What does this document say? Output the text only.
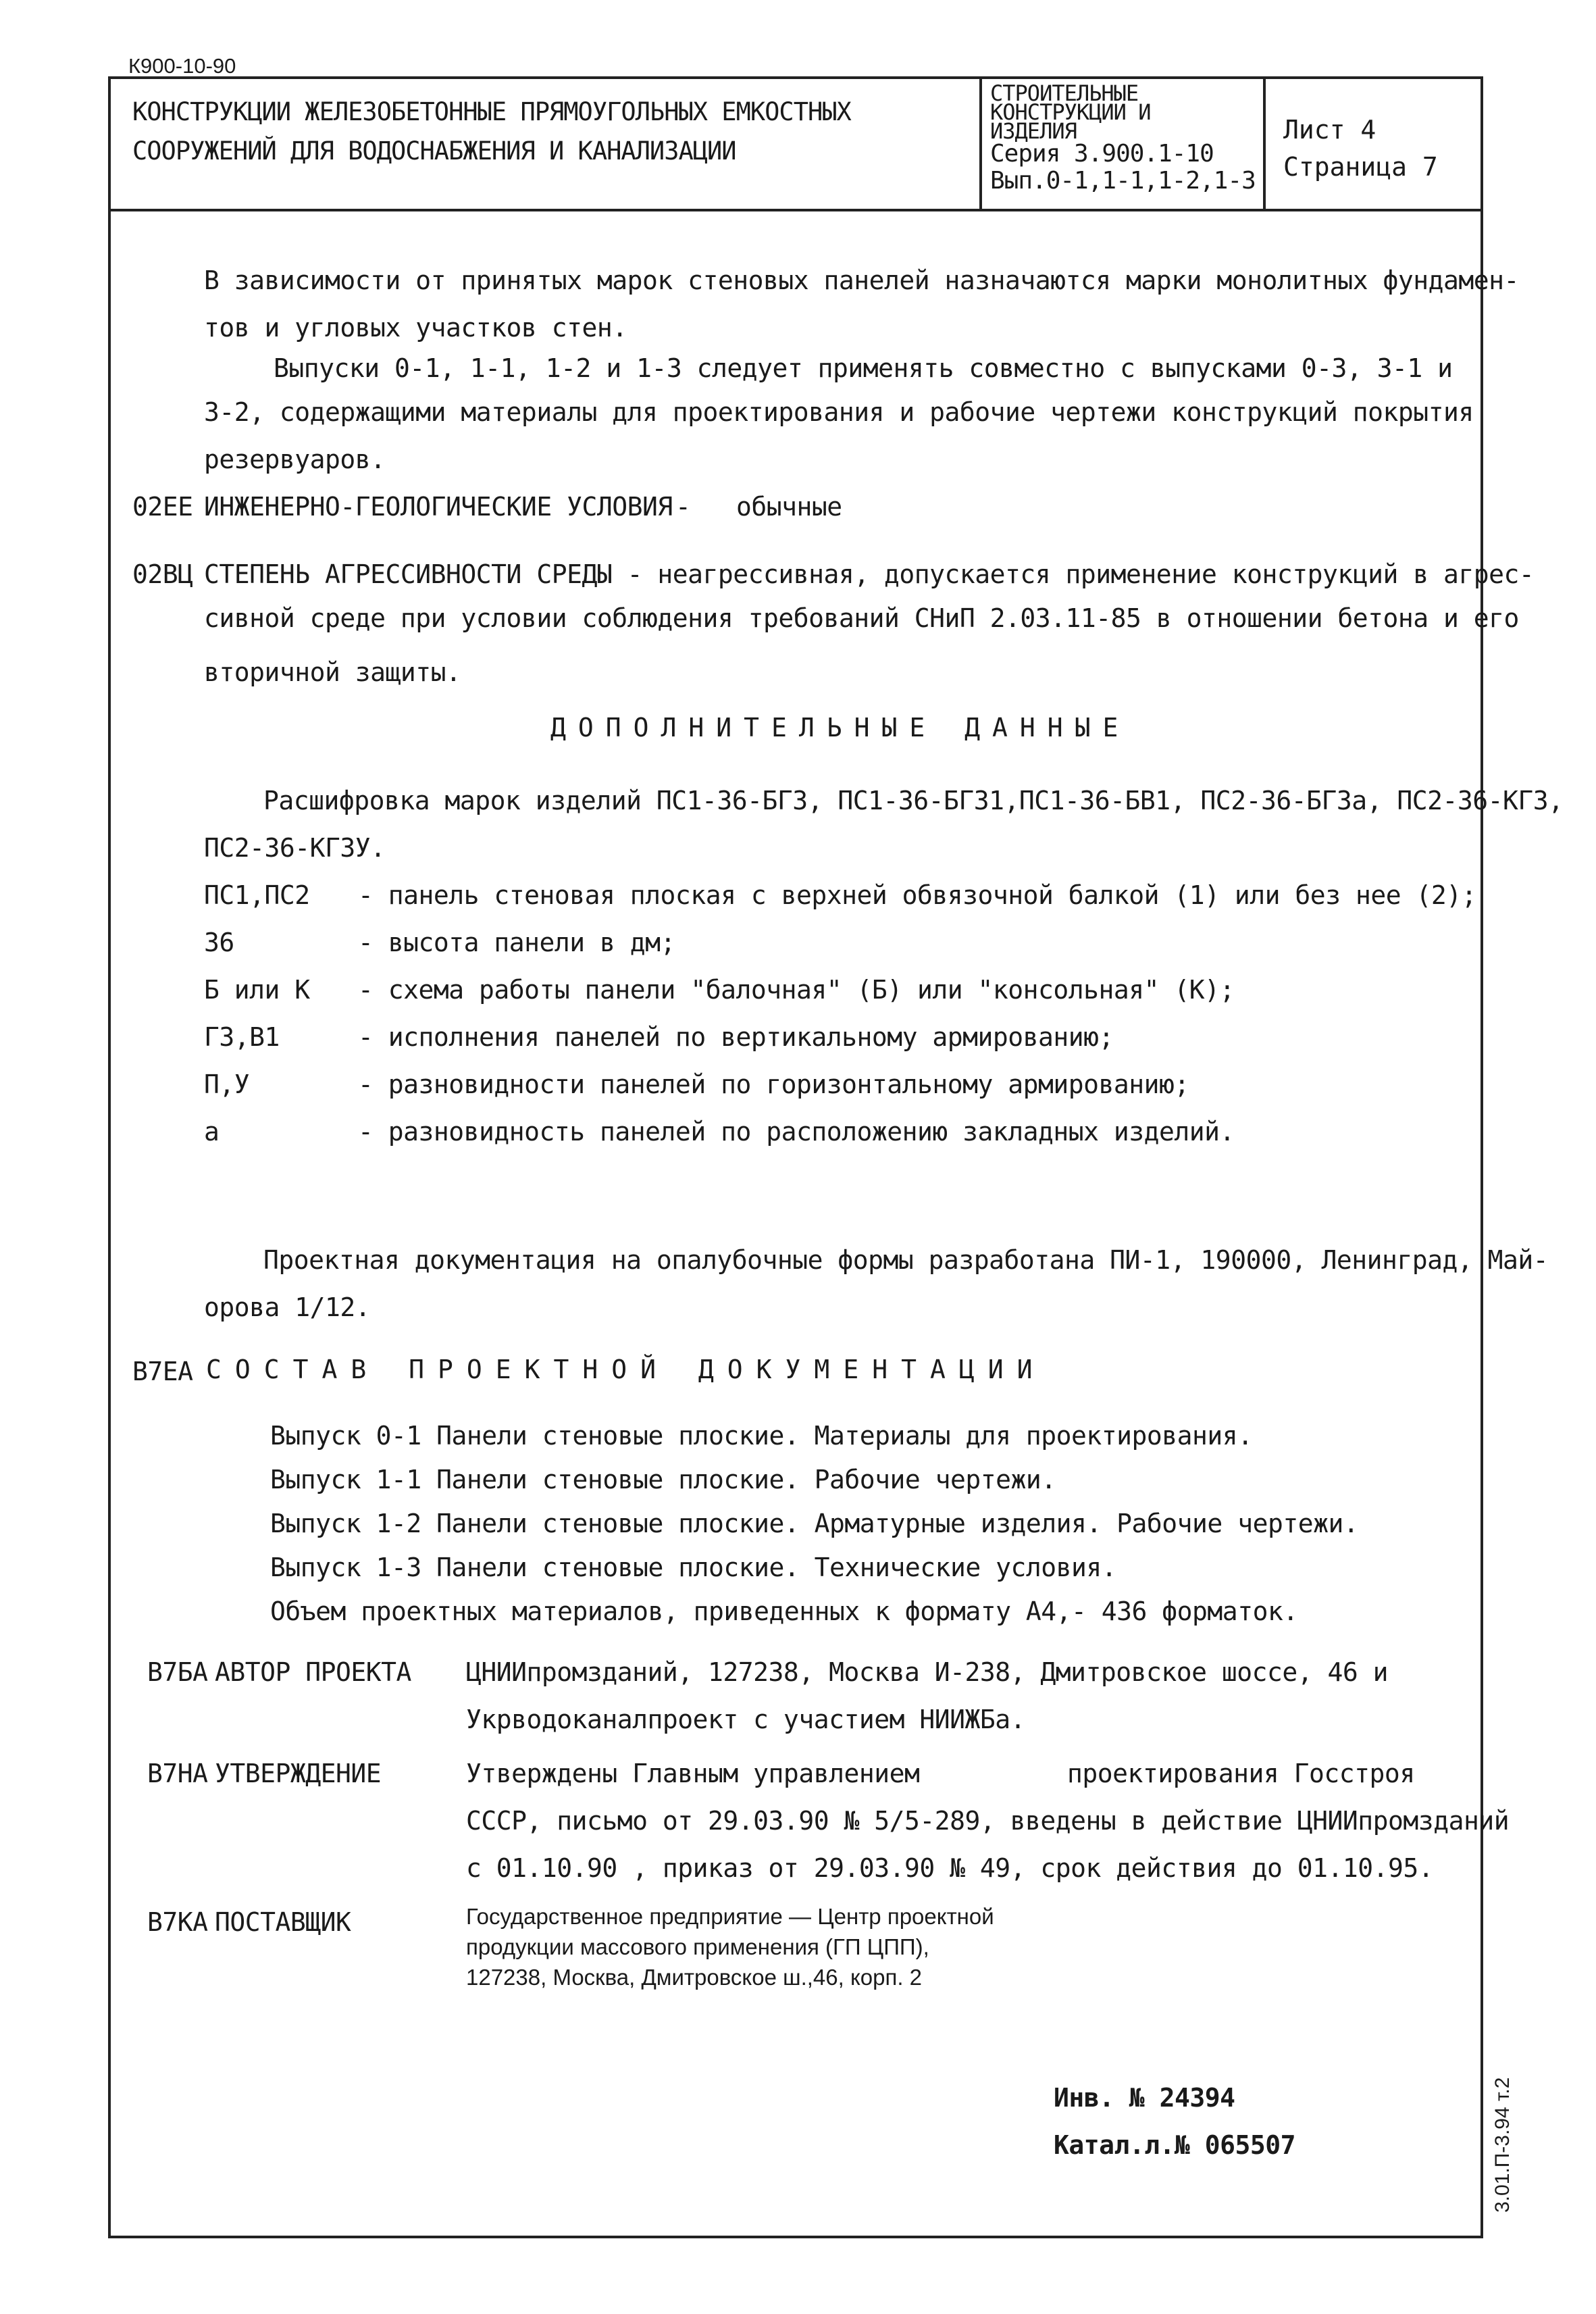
К900-10-90
КОНСТРУКЦИИ ЖЕЛЕЗОБЕТОННЫЕ ПРЯМОУГОЛЬНЫХ ЕМКОСТНЫХ
СООРУЖЕНИЙ ДЛЯ ВОДОСНАБЖЕНИЯ И КАНАЛИЗАЦИИ
СТРОИТЕЛЬНЫЕ
КОНСТРУКЦИИ И
ИЗДЕЛИЯ
Серия 3.900.1-10
Вып.0-1,1-1,1-2,1-3
Лист 4
Страница 7
В зависимости от принятых марок стеновых панелей назначаются марки монолитных фундамен-
тов и угловых участков стен.
Выпуски 0-1, 1-1, 1-2 и 1-3 следует применять совместно с выпусками 0-3, 3-1 и
3-2, содержащими материалы для проектирования и рабочие чертежи конструкций покрытия
резервуаров.
02ЕЕ ИНЖЕНЕРНО-ГЕОЛОГИЧЕСКИЕ УСЛОВИЯ - обычные
02ВЦ СТЕПЕНЬ АГРЕССИВНОСТИ СРЕДЫ - неагрессивная, допускается применение конструкций в агрес-
сивной среде при условии соблюдения требований СНиП 2.03.11-85 в отношении бетона и его
вторичной защиты.
ДОПОЛНИТЕЛЬНЫЕ ДАННЫЕ
Расшифровка марок изделий ПС1-36-БГЗ, ПС1-36-БГЗ1,ПС1-36-БВ1, ПС2-36-БГЗа, ПС2-36-КГЗ,
ПС2-36-КГЗУ.
ПС1,ПС2 - панель стеновая плоская с верхней обвязочной балкой (1) или без нее (2);
36	- высота панели в дм;
Б или К - схема работы панели "балочная" (Б) или "консольная" (К);
ГЗ,В1	- исполнения панелей по вертикальному армированию;
П,У	- разновидности панелей по горизонтальному армированию;
а	- разновидность панелей по расположению закладных изделий.
Проектная документация на опалубочные формы разработана ПИ-1, 190000, Ленинград, Май-
орова 1/12.
В7ЕА СОСТАВ ПРОЕКТНОЙ ДОКУМЕНТАЦИИ
Выпуск 0-1 Панели стеновые плоские. Материалы для проектирования.
Выпуск 1-1 Панели стеновые плоские. Рабочие чертежи.
Выпуск 1-2 Панели стеновые плоские. Арматурные изделия. Рабочие чертежи.
Выпуск 1-3 Панели стеновые плоские. Технические условия.
Объем проектных материалов, приведенных к формату А4,- 436 форматок.
В7БА АВТОР ПРОЕКТА ЦНИИпромзданий, 127238, Москва И-238, Дмитровское шоссе, 46 и
Укрводоканалпроект с участием НИИЖБа.
В7НА УТВЕРЖДЕНИЕ	Утверждены Главным управлением	проектирования Госстроя
СССР, письмо от 29.03.90 № 5/5-289, введены в действие ЦНИИпромзданий
с 01.10.90 , приказ от 29.03.90 № 49, срок действия до 01.10.95.
В7КА ПОСТАВЩИК	Государственное предприятие — Центр проектной
продукции массового применения (ГП ЦПП),
127238, Москва, Дмитровское ш.,46, корп. 2
Инв. № 24394
Катал.л.№ 065507	3.01.П-3.94 т.2
